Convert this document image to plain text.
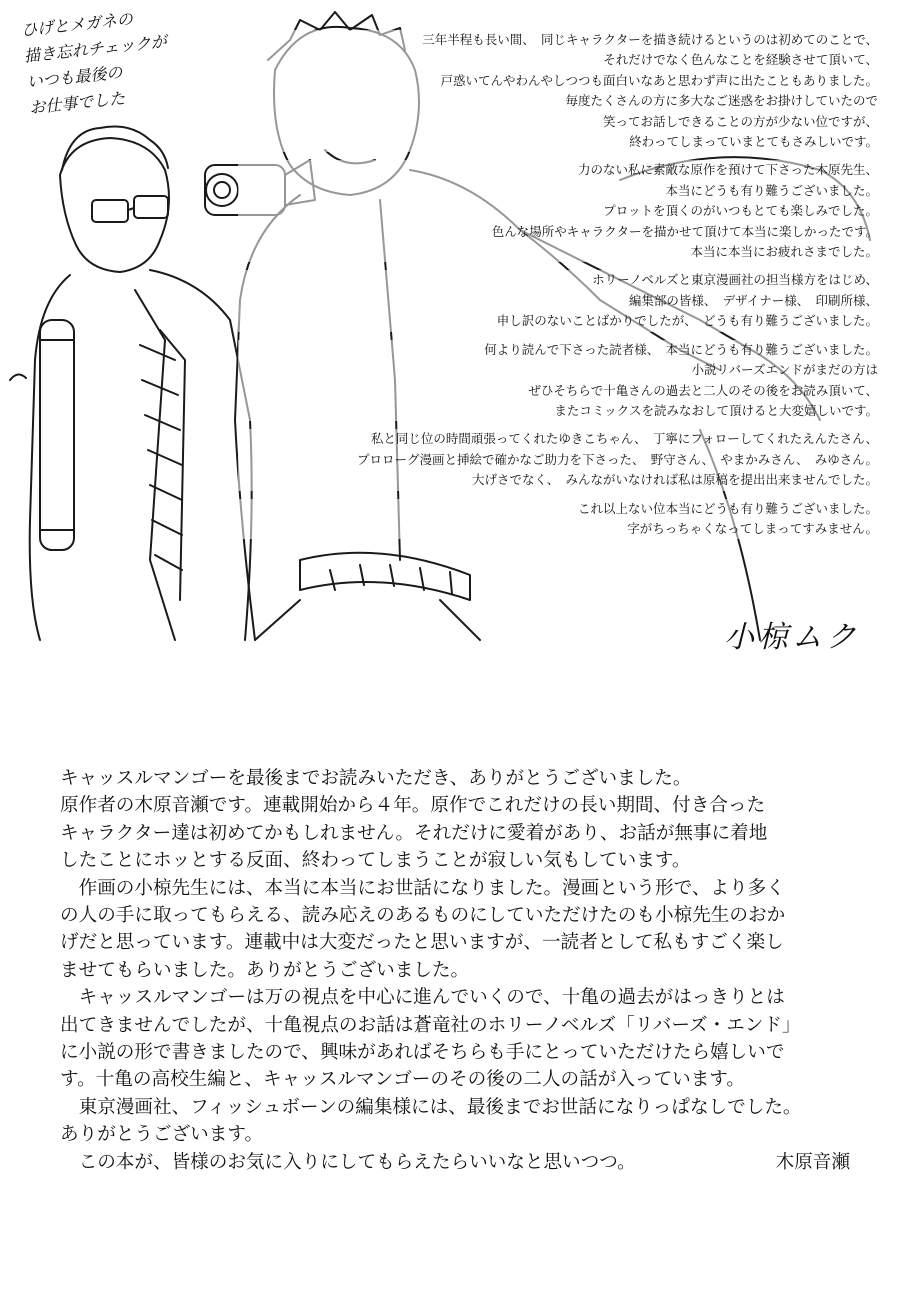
ひげとメガネの
描き忘れチェックが
いつも最後の
お仕事でした
三年半程も長い間、　同じキャラクターを描き続けるというのは初めてのことで、
それだけでなく色んなことを経験させて頂いて、
戸惑いてんやわんやしつつも面白いなあと思わず声に出たこともありました。
毎度たくさんの方に多大なご迷惑をお掛けしていたので
笑ってお話しできることの方が少ない位ですが、
終わってしまっていまとてもさみしいです。
力のない私に素敵な原作を預けて下さった木原先生、
本当にどうも有り難うございました。
プロットを頂くのがいつもとても楽しみでした。
色んな場所やキャラクターを描かせて頂けて本当に楽しかったです。
本当に本当にお疲れさまでした。
ホリーノベルズと東京漫画社の担当様方をはじめ、
編集部の皆様、　デザイナー様、　印刷所様、
申し訳のないことばかりでしたが、　どうも有り難うございました。
何より読んで下さった読者様、　本当にどうも有り難うございました。
小説リバーズエンドがまだの方は
ぜひそちらで十亀さんの過去と二人のその後をお読み頂いて、
またコミックスを読みなおして頂けると大変嬉しいです。
私と同じ位の時間頑張ってくれたゆきこちゃん、　丁寧にフォローしてくれたえんたさん、
プロローグ漫画と挿絵で確かなご助力を下さった、　野守さん、　やまかみさん、　みゆさん。
大げさでなく、　みんながいなければ私は原稿を提出出来ませんでした。
これ以上ない位本当にどうも有り難うございました。
字がちっちゃくなってしまってすみません。
小椋ムク
キャッスルマンゴーを最後までお読みいただき、ありがとうございました。
原作者の木原音瀬です。連載開始から４年。原作でこれだけの長い期間、付き合った
キャラクター達は初めてかもしれません。それだけに愛着があり、お話が無事に着地
したことにホッとする反面、終わってしまうことが寂しい気もしています。
　作画の小椋先生には、本当に本当にお世話になりました。漫画という形で、より多く
の人の手に取ってもらえる、読み応えのあるものにしていただけたのも小椋先生のおか
げだと思っています。連載中は大変だったと思いますが、一読者として私もすごく楽し
ませてもらいました。ありがとうございました。
　キャッスルマンゴーは万の視点を中心に進んでいくので、十亀の過去がはっきりとは
出てきませんでしたが、十亀視点のお話は蒼竜社のホリーノベルズ「リバーズ・エンド」
に小説の形で書きましたので、興味があればそちらも手にとっていただけたら嬉しいで
す。十亀の高校生編と、キャッスルマンゴーのその後の二人の話が入っています。
　東京漫画社、フィッシュボーンの編集様には、最後までお世話になりっぱなしでした。
ありがとうございます。
　この本が、皆様のお気に入りにしてもらえたらいいなと思いつつ。	木原音瀬
